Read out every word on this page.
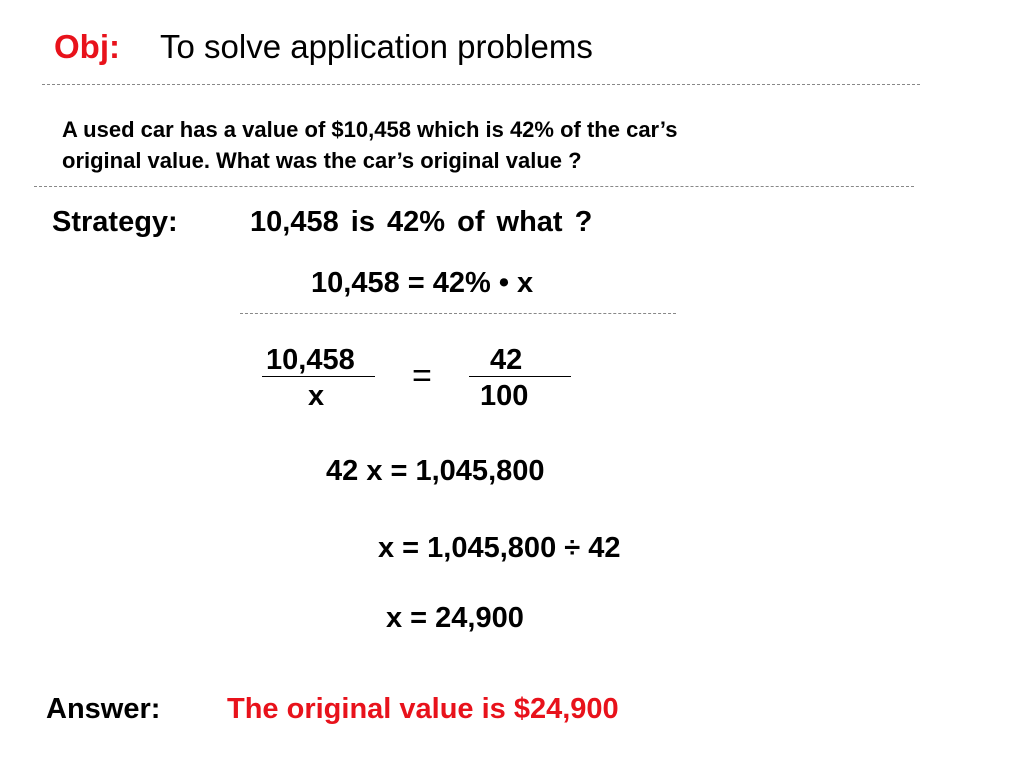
Obj: To solve application problems
A used car has a value of $10,458 which is 42% of the car’s
original value. What was the car’s original value ?
Strategy: 10,458 is 42% of what ?
10,458 = 42% • x
10,458
x
= 42
100
42 x = 1,045,800
x = 1,045,800 ÷ 42
x = 24,900
Answer: The original value is $24,900
